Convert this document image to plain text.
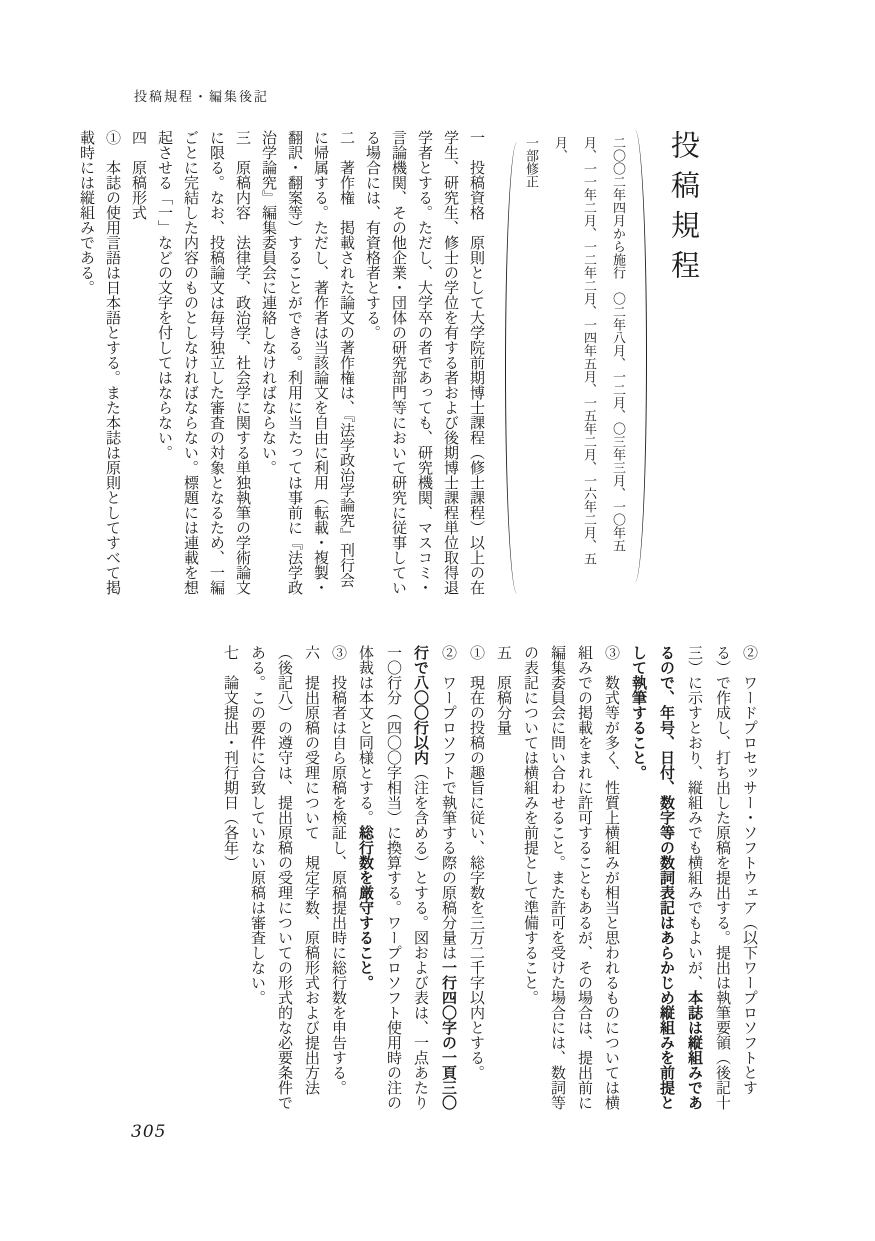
投稿規程・編集後記
投稿規程
二〇〇二年四月から施行　〇二年八月、一二月、〇三年三月、一〇年五月、一一年二月、一二年二月、一四年五月、一五年二月、一六年二月、五月、
一部修正
一　投稿資格　原則として大学院前期博士課程（修士課程）以上の在学生、研究生、修士の学位を有する者および後期博士課程単位取得退学者とする。ただし、大学卒の者であっても、研究機関、マスコミ・言論機関、その他企業・団体の研究部門等において研究に従事している場合には、有資格者とする。
二　著作権　掲載された論文の著作権は、『法学政治学論究』刊行会に帰属する。ただし、著作者は当該論文を自由に利用（転載・複製・翻訳・翻案等）することができる。利用に当たっては事前に『法学政治学論究』編集委員会に連絡しなければならない。
三　原稿内容　法律学、政治学、社会学に関する単独執筆の学術論文に限る。なお、投稿論文は毎号独立した審査の対象となるため、一編ごとに完結した内容のものとしなければならない。標題には連載を想起させる「一」などの文字を付してはならない。
四　原稿形式
①　本誌の使用言語は日本語とする。また本誌は原則としてすべて掲載時には縦組みである。
②　ワードプロセッサー・ソフトウェア（以下ワープロソフトとする）で作成し、打ち出した原稿を提出する。提出は執筆要領（後記十三）に示すとおり、縦組みでも横組みでもよいが、本誌は縦組みであるので、年号、日付、数字等の数詞表記はあらかじめ縦組みを前提として執筆すること。
③　数式等が多く、性質上横組みが相当と思われるものについては横組みでの掲載をまれに許可することもあるが、その場合は、提出前に編集委員会に問い合わせること。また許可を受けた場合には、数詞等の表記については横組みを前提として準備すること。
五　原稿分量
①　現在の投稿の趣旨に従い、総字数を三万二千字以内とする。
②　ワープロソフトで執筆する際の原稿分量は一行四〇字の一頁三〇行で八〇〇行以内（注を含める）とする。図および表は、一点あたり一〇行分（四〇〇字相当）に換算する。ワープロソフト使用時の注の体裁は本文と同様とする。総行数を厳守すること。
③　投稿者は自ら原稿を検証し、原稿提出時に総行数を申告する。
六　提出原稿の受理について　規定字数、原稿形式および提出方法（後記八）の遵守は、提出原稿の受理についての形式的な必要条件である。この要件に合致していない原稿は審査しない。
七　論文提出・刊行期日（各年）
305
